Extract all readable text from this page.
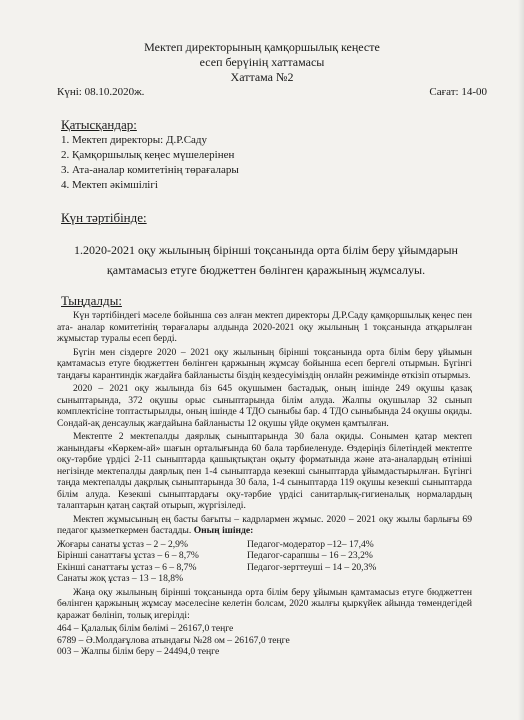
Мектеп директорының қамқоршылық кеңесте
есеп берүінің хаттамасы
Хаттама №2
Күні: 08.10.2020ж.	Сағат: 14-00
Қатысқандар:
1. Мектеп директоры: Д.Р.Саду
2. Қамқоршылық кеңес мүшелерінен
3. Ата-аналар комитетінің төрағалары
4. Мектеп әкімшілігі
Күн тәртібінде:
1.2020-2021 оқу жылының бірінші тоқсанында орта білім беру ұйымдарын қамтамасыз етуге бюджеттен бөлінген қаражының жұмсалуы.
Тыңдалды:

Күн тәртібіндегі мәселе бойынша сөз алған мектеп директоры Д.Р.Саду қамқоршылық кеңес пен ата- аналар комитетінің төрағалары алдында 2020-2021 оқу жылының 1 тоқсанында атқарылған жұмыстар туралы есеп берді.

Бүгін мен сіздерге 2020 – 2021 оқу жылының бірінші тоқсанында орта білім беру ұйымын қамтамасыз етуге бюджеттен бөлінген қаржының жұмсау бойынша есеп бергелі отырмын. Бүгінгі таңдағы карантиндік жағдайға байланысты біздің кездесуіміздің онлайн режимінде өткізіп отырмыз.

2020 – 2021 оқу жылында біз 645 оқушымен бастадық, оның ішінде 249 оқушы қазақ сыныптарында, 372 оқушы орыс сыныптарында білім алуда. Жалпы оқушылар 32 сынып комплектісіне топтастырылды, оның ішінде 4 ТДО сыныбы бар. 4 ТДО сыныбында 24 оқушы оқиды. Сондай-ақ денсаулық жағдайына байланысты 12 оқушы үйде оқумен қамтылған.

Мектепте 2 мектепалды даярлық сыныптарында 30 бала оқиды. Сонымен қатар мектеп жанындағы «Көркем-ай» шағын орталығында 60 бала тәрбиеленуде. Өздеріңіз білетіндей мектепте оқу-тәрбие үрдісі 2-11 сыныптарда қашықтықтан оқыту форматында және ата-аналардың өтініші негізінде мектепалды даярлық пен 1-4 сыныптарда кезекші сыныптарда ұйымдастырылған. Бүгінгі таңда мектепалды дақрлық сыныптарында 30 бала, 1-4 сыныптарда 119 оқушы кезекші сыныптарда білім алуда. Кезекші сыныптардағы оқу-тәрбие үрдісі санитарлық-гигиеналық нормалардың талаптарын қатаң сақтай отырып, жүргізіледі.

Мектеп жұмысының ең басты бағыты – кадрлармен жұмыс. 2020 – 2021 оқу жылы барлығы 69 педагог қызметкермен бастадды. Оның ішінде:

Жоғары санаты ұстаз – 2 – 2,9%	Педагог-модератор –12– 17,4%
Бірінші санаттағы ұстаз – 6 – 8,7%	Педагог-сарапшы – 16 – 23,2%
Екінші санаттағы ұстаз – 6 – 8,7%	Педагог-зерттеуші – 14 – 20,3%
Санаты жоқ ұстаз – 13 – 18,8%

Жаңа оқу жылының бірінші тоқсанында орта білім беру ұйымын қамтамасыз етуге бюджеттен бөлінген қаржының жұмсау мәселесіне келетін болсам, 2020 жылғы қыркүйек айында төмендегідей қаражат бөлініп, толық игерілді:

464 – Қалалық білім бөлімі – 26167,0 теңге
6789 – Ә.Молдағұлова атындағы №28 ом – 26167,0 теңге
003 – Жалпы білім беру – 24494,0 теңге
